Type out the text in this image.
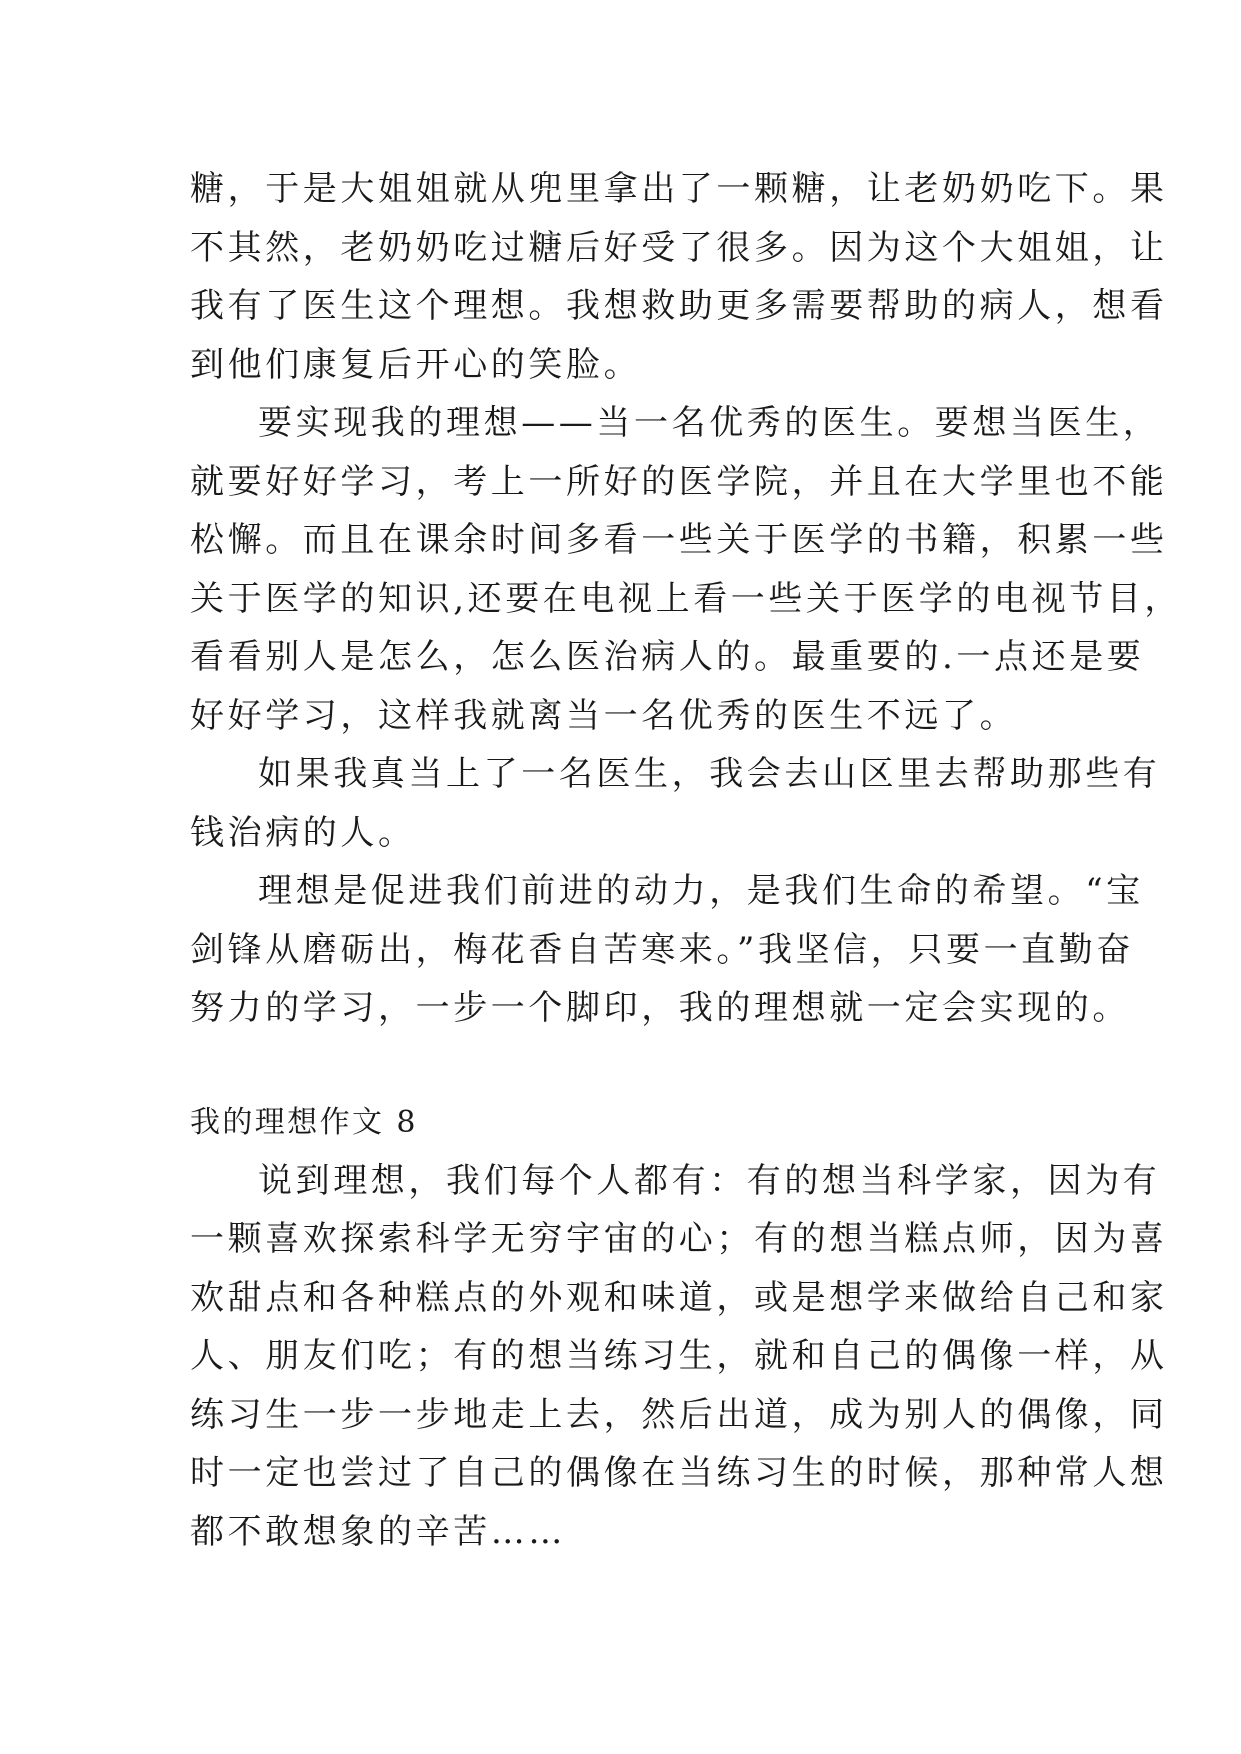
糖，于是大姐姐就从兜里拿出了一颗糖，让老奶奶吃下。果
不其然，老奶奶吃过糖后好受了很多。因为这个大姐姐，让
我有了医生这个理想。我想救助更多需要帮助的病人，想看
到他们康复后开心的笑脸。
要实现我的理想——当一名优秀的医生。要想当医生，
就要好好学习，考上一所好的医学院，并且在大学里也不能
松懈。而且在课余时间多看一些关于医学的书籍，积累一些
关于医学的知识,还要在电视上看一些关于医学的电视节目，
看看别人是怎么，怎么医治病人的。最重要的.一点还是要
好好学习，这样我就离当一名优秀的医生不远了。
如果我真当上了一名医生，我会去山区里去帮助那些有
钱治病的人。
理想是促进我们前进的动力，是我们生命的希望。“宝
剑锋从磨砺出，梅花香自苦寒来。”我坚信，只要一直勤奋
努力的学习，一步一个脚印，我的理想就一定会实现的。
我的理想作文 8
说到理想，我们每个人都有：有的想当科学家，因为有
一颗喜欢探索科学无穷宇宙的心；有的想当糕点师，因为喜
欢甜点和各种糕点的外观和味道，或是想学来做给自己和家
人、朋友们吃；有的想当练习生，就和自己的偶像一样，从
练习生一步一步地走上去，然后出道，成为别人的偶像，同
时一定也尝过了自己的偶像在当练习生的时候，那种常人想
都不敢想象的辛苦……
